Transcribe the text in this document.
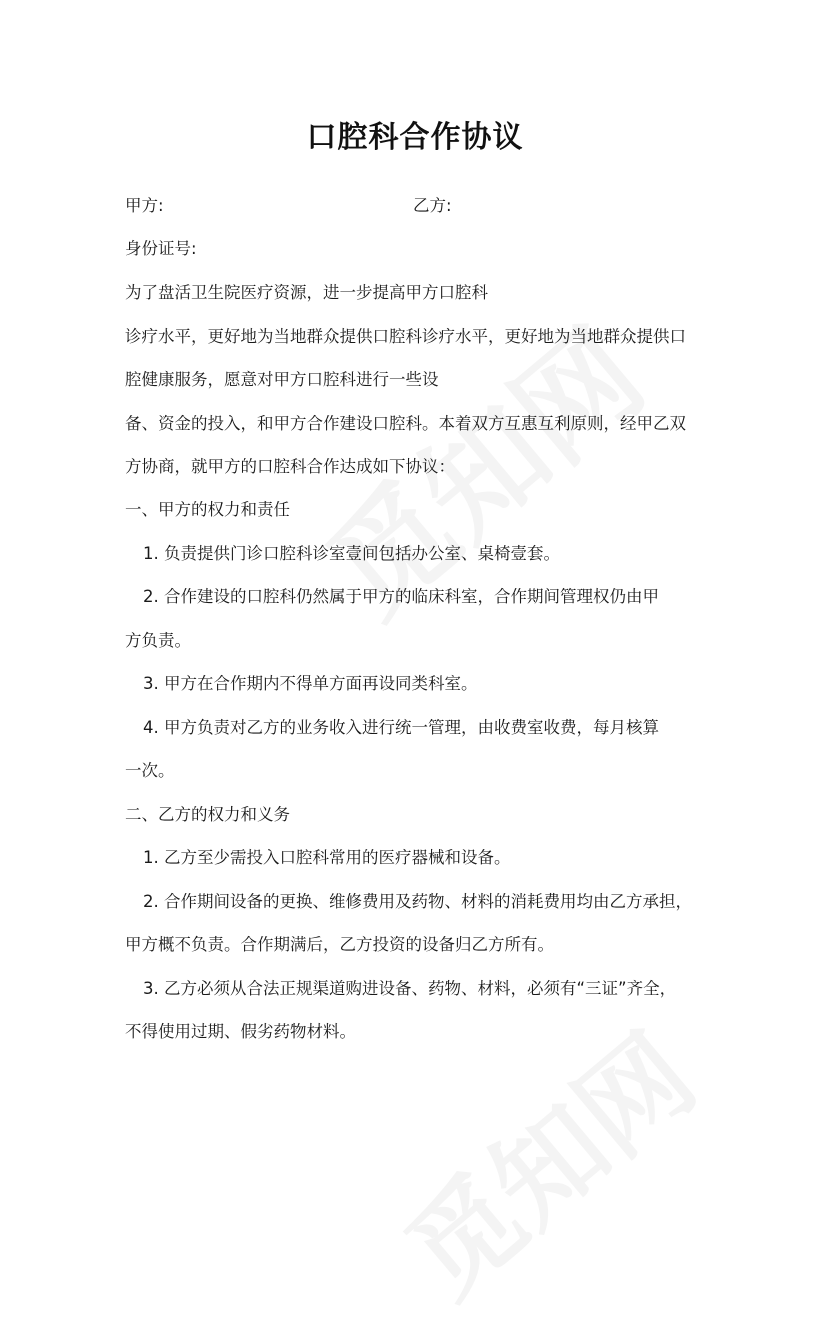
口腔科合作协议
甲方:	乙方:
身份证号:
为了盘活卫生院医疗资源，进一步提高甲方口腔科
诊疗水平，更好地为当地群众提供口腔科诊疗水平，更好地为当地群众提供口
腔健康服务，愿意对甲方口腔科进行一些设
备、资金的投入，和甲方合作建设口腔科。本着双方互惠互利原则，经甲乙双
方协商，就甲方的口腔科合作达成如下协议：
一、甲方的权力和责任
1. 负责提供门诊口腔科诊室壹间包括办公室、桌椅壹套。
2. 合作建设的口腔科仍然属于甲方的临床科室，合作期间管理权仍由甲
方负责。
3. 甲方在合作期内不得单方面再设同类科室。
4. 甲方负责对乙方的业务收入进行统一管理，由收费室收费，每月核算
一次。
二、乙方的权力和义务
1. 乙方至少需投入口腔科常用的医疗器械和设备。
2. 合作期间设备的更换、维修费用及药物、材料的消耗费用均由乙方承担，
甲方概不负责。合作期满后，乙方投资的设备归乙方所有。
3. 乙方必须从合法正规渠道购进设备、药物、材料，必须有“三证”齐全，
不得使用过期、假劣药物材料。
